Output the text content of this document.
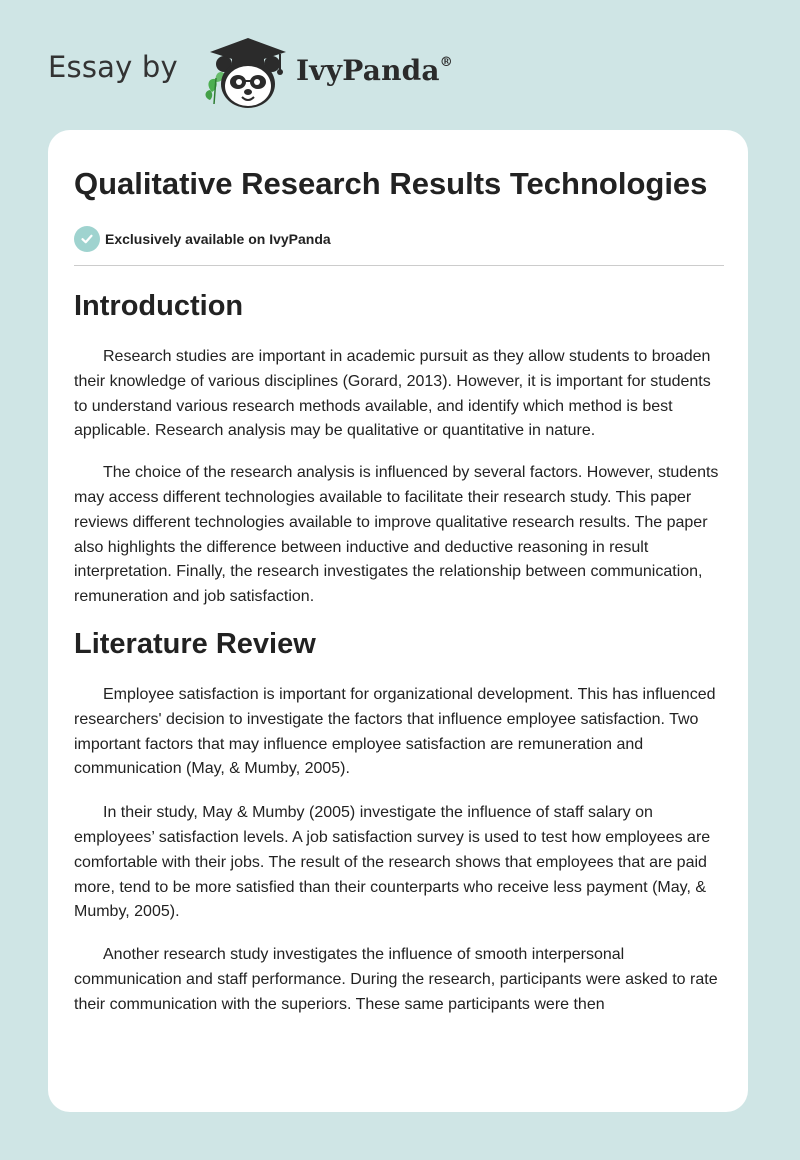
Essay by	IvyPanda®
Qualitative Research Results Technologies
Exclusively available on IvyPanda
Introduction

Research studies are important in academic pursuit as they allow students to broaden their knowledge of various disciplines (Gorard, 2013). However, it is important for students to understand various research methods available, and identify which method is best applicable. Research analysis may be qualitative or quantitative in nature.

The choice of the research analysis is influenced by several factors. However, students may access different technologies available to facilitate their research study. This paper reviews different technologies available to improve qualitative research results. The paper also highlights the difference between inductive and deductive reasoning in result interpretation. Finally, the research investigates the relationship between communication, remuneration and job satisfaction.

Literature Review

Employee satisfaction is important for organizational development. This has influenced researchers' decision to investigate the factors that influence employee satisfaction. Two important factors that may influence employee satisfaction are remuneration and communication (May, & Mumby, 2005).

In their study, May & Mumby (2005) investigate the influence of staff salary on employees’ satisfaction levels. A job satisfaction survey is used to test how employees are comfortable with their jobs. The result of the research shows that employees that are paid more, tend to be more satisfied than their counterparts who receive less payment (May, & Mumby, 2005).

Another research study investigates the influence of smooth interpersonal communication and staff performance. During the research, participants were asked to rate their communication with the superiors. These same participants were then
